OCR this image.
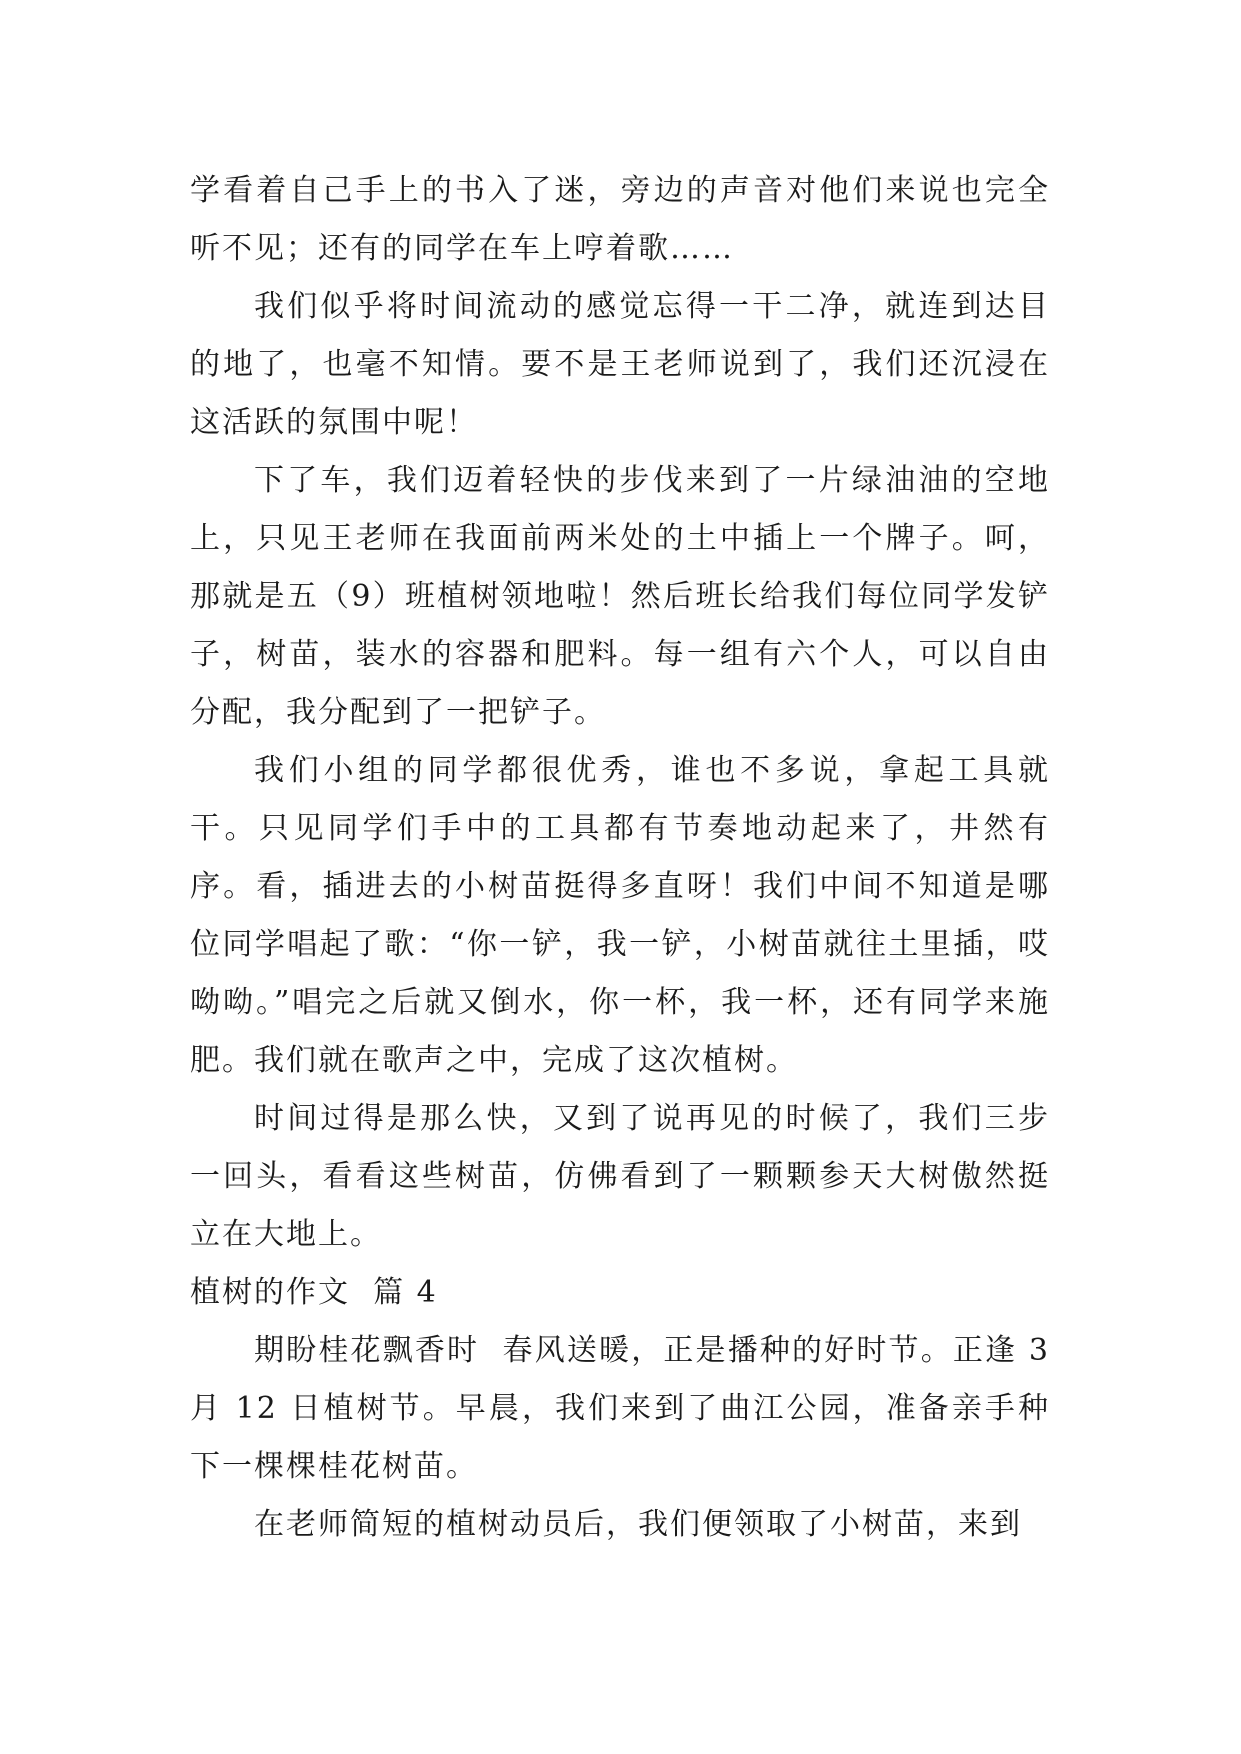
学看着自己手上的书入了迷，旁边的声音对他们来说也完全听不见；还有的同学在车上哼着歌……

我们似乎将时间流动的感觉忘得一干二净，就连到达目的地了，也毫不知情。要不是王老师说到了，我们还沉浸在这活跃的氛围中呢！

下了车，我们迈着轻快的步伐来到了一片绿油油的空地上，只见王老师在我面前两米处的土中插上一个牌子。呵，那就是五（9）班植树领地啦！然后班长给我们每位同学发铲子，树苗，装水的容器和肥料。每一组有六个人，可以自由分配，我分配到了一把铲子。

我们小组的同学都很优秀，谁也不多说，拿起工具就干。只见同学们手中的工具都有节奏地动起来了，井然有序。看，插进去的小树苗挺得多直呀！我们中间不知道是哪位同学唱起了歌：“你一铲，我一铲，小树苗就往土里插，哎呦呦。”唱完之后就又倒水，你一杯，我一杯，还有同学来施肥。我们就在歌声之中，完成了这次植树。

时间过得是那么快，又到了说再见的时候了，我们三步一回头，看看这些树苗，仿佛看到了一颗颗参天大树傲然挺立在大地上。

植树的作文  篇 4

期盼桂花飘香时  春风送暖，正是播种的好时节。正逢 3 月 12 日植树节。早晨，我们来到了曲江公园，准备亲手种下一棵棵桂花树苗。

在老师简短的植树动员后，我们便领取了小树苗，来到
